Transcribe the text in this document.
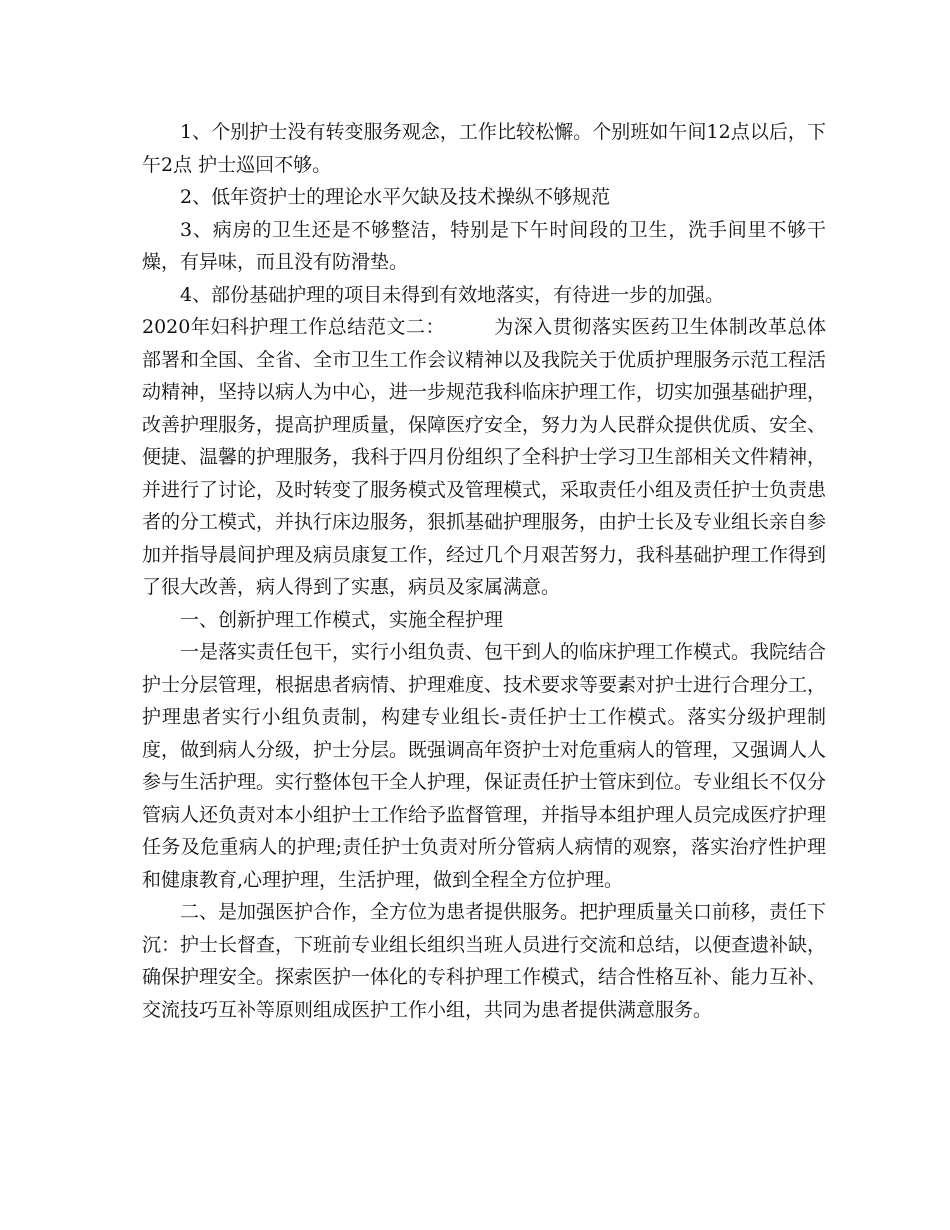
1、个别护士没有转变服务观念，工作比较松懈。个别班如午间12点以后，下午2点 护士巡回不够。

2、低年资护士的理论水平欠缺及技术操纵不够规范

3、病房的卫生还是不够整洁，特别是下午时间段的卫生，洗手间里不够干燥，有异味，而且没有防滑垫。

4、部份基础护理的项目未得到有效地落实，有待进一步的加强。

2020年妇科护理工作总结范文二：　　　为深入贯彻落实医药卫生体制改革总体部署和全国、全省、全市卫生工作会议精神以及我院关于优质护理服务示范工程活动精神，坚持以病人为中心，进一步规范我科临床护理工作，切实加强基础护理，改善护理服务，提高护理质量，保障医疗安全，努力为人民群众提供优质、安全、便捷、温馨的护理服务，我科于四月份组织了全科护士学习卫生部相关文件精神，并进行了讨论，及时转变了服务模式及管理模式，采取责任小组及责任护士负责患者的分工模式，并执行床边服务，狠抓基础护理服务，由护士长及专业组长亲自参加并指导晨间护理及病员康复工作，经过几个月艰苦努力，我科基础护理工作得到了很大改善，病人得到了实惠，病员及家属满意。

一、创新护理工作模式，实施全程护理

一是落实责任包干，实行小组负责、包干到人的临床护理工作模式。我院结合护士分层管理，根据患者病情、护理难度、技术要求等要素对护士进行合理分工，护理患者实行小组负责制，构建专业组长-责任护士工作模式。落实分级护理制度，做到病人分级，护士分层。既强调高年资护士对危重病人的管理，又强调人人参与生活护理。实行整体包干全人护理，保证责任护士管床到位。专业组长不仅分管病人还负责对本小组护士工作给予监督管理，并指导本组护理人员完成医疗护理任务及危重病人的护理;责任护士负责对所分管病人病情的观察，落实治疗性护理和健康教育,心理护理，生活护理，做到全程全方位护理。

二、是加强医护合作，全方位为患者提供服务。把护理质量关口前移，责任下沉：护士长督查，下班前专业组长组织当班人员进行交流和总结，以便查遗补缺，确保护理安全。探索医护一体化的专科护理工作模式，结合性格互补、能力互补、交流技巧互补等原则组成医护工作小组，共同为患者提供满意服务。
